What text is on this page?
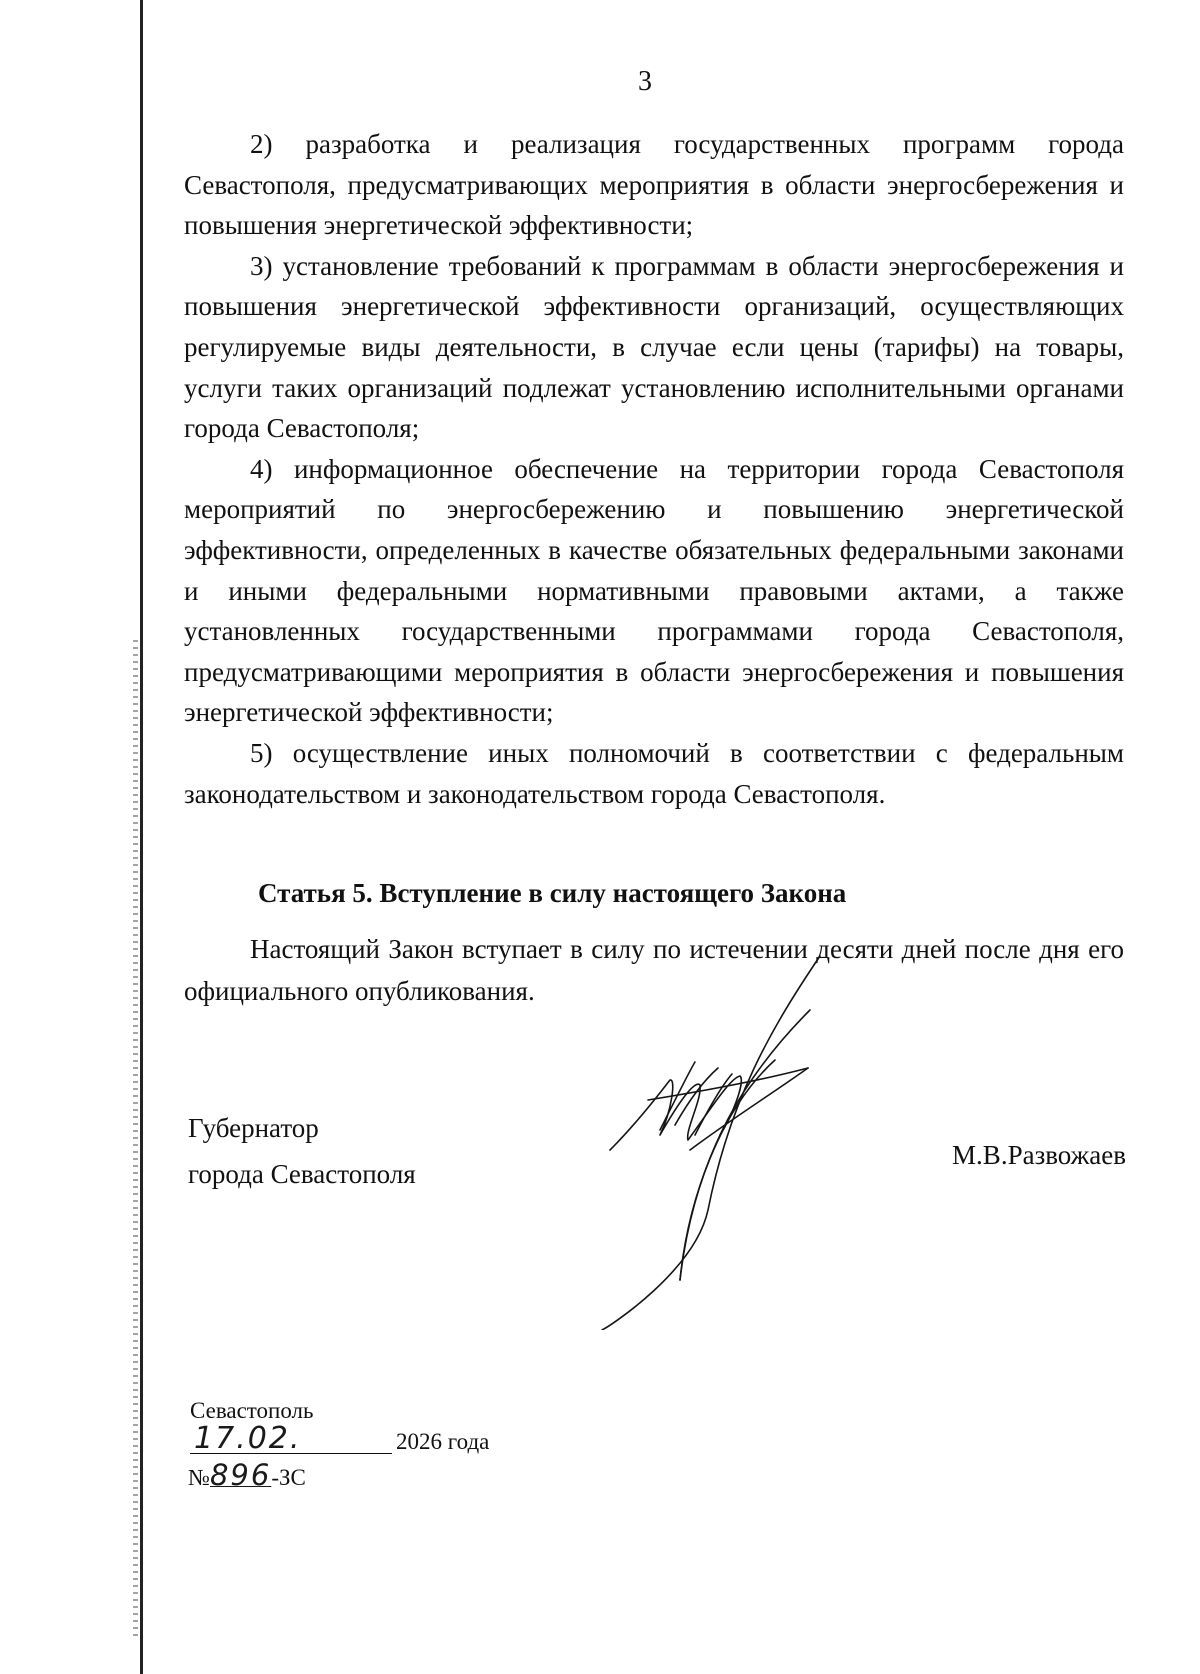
3

2) разработка и реализация государственных программ города Севастополя, предусматривающих мероприятия в области энергосбережения и повышения энергетической эффективности;

3) установление требований к программам в области энергосбережения и повышения энергетической эффективности организаций, осуществляющих регулируемые виды деятельности, в случае если цены (тарифы) на товары, услуги таких организаций подлежат установлению исполнительными органами города Севастополя;

4) информационное обеспечение на территории города Севастополя мероприятий по энергосбережению и повышению энергетической эффективности, определенных в качестве обязательных федеральными законами и иными федеральными нормативными правовыми актами, а также установленных государственными программами города Севастополя, предусматривающими мероприятия в области энергосбережения и повышения энергетической эффективности;

5) осуществление иных полномочий в соответствии с федеральным законодательством и законодательством города Севастополя.

Статья 5. Вступление в силу настоящего Закона

Настоящий Закон вступает в силу по истечении десяти дней после дня его официального опубликования.

Губернатор
города Севастополя
М.В.Развожаев
Севастополь
17.02.	2026 года
№896-ЗС
